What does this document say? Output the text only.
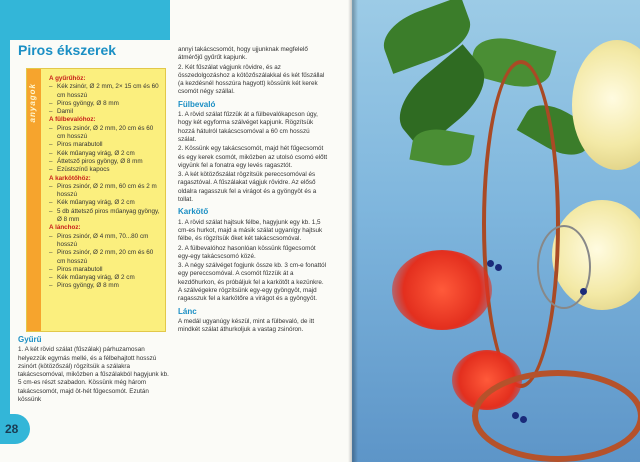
Piros ékszerek
anyagok
A gyűrűhöz:
– Kék zsinór, Ø 2 mm, 2× 15 cm és 60 cm hosszú
– Piros gyöngy, Ø 8 mm
– Damil
A fülbevalóhoz:
– Piros zsinór, Ø 2 mm, 20 cm és 60 cm hosszú
– Piros marabutoll
– Kék műanyag virág, Ø 2 cm
– Áttetsző piros gyöngy, Ø 8 mm
– Ezüstszínű kapocs
A karkötőhöz:
– Piros zsinór, Ø 2 mm, 60 cm és 2 m hosszú
– Kék műanyag virág, Ø 2 cm
– 5 db áttetsző piros műanyag gyöngy, Ø 8 mm
A lánchoz:
– Piros zsinór, Ø 4 mm, 70...80 cm hosszú
– Piros zsinór, Ø 2 mm, 20 cm és 60 cm hosszú
– Piros marabutoll
– Kék műanyag virág, Ø 2 cm
– Piros gyöngy, Ø 8 mm

Gyűrű

1. A két rövid szálat (fűszálak) párhuzamosan helyezzük egymás mellé, és a félbehajtott hosszú zsinórt (kötözőszál) rögzítsük a szálakra takácscsomóval, miközben a fűszálakból hagyjunk kb. 5 cm-es részt szabadon. Kössünk még három takácscsomót, majd öt-hét fűgecsomót. Ezután kössünk

annyi takácscsomót, hogy ujjunknak megfelelő átmérőjű gyűrűt kapjunk.

2. Két fűszálat vágjunk rövidre, és az összedolgozáshoz a kötözőszálakkal és két fűszállal (a kezdésnél hosszúra hagyott) kössünk két kerek csomót négy szállal.

Fülbevaló

1. A rövid szálat fűzzük át a fülbevalókapcson úgy, hogy két egyforma szálvéget kapjunk. Rögzítsük hozzá hátulról takácscsomóval a 60 cm hosszú szálat.

2. Kössünk egy takácscsomót, majd hét fűgecsomót és egy kerek csomót, miközben az utolsó csomó előtt vigyünk fel a fonatra egy levés ragasztót.

3. A két kötözőszálat rögzítsük pereccsomóval és ragasztóval. A fűszálakat vágjuk rövidre. Az előső oldalra ragasszuk fel a virágot és a gyöngyöt és a tollat.

Karkötő

1. A rövid szálat hajtsuk félbe, hagyjunk egy kb. 1,5 cm-es hurkot, majd a másik szálat ugyanígy hajtsuk félbe, és rögzítsük őket két takácscsomóval.

2. A fülbevalóhoz hasonlóan kössünk fűgecsomót egy-egy takácscsomó közé.

3. A négy szálvéget fogjunk össze kb. 3 cm-e fonattól egy pereccsomóval. A csomót fűzzük át a kezdőhurkon, és próbáljuk fel a karkötőt a kezünkre. A szálvégekre rögzítsünk egy-egy gyöngyöt, majd ragasszuk fel a karkötőre a virágot és a gyöngyöt.

Lánc

A medál ugyanúgy készül, mint a fülbevaló, de itt mindkét szálat áthurkoljuk a vastag zsinóron.

28
